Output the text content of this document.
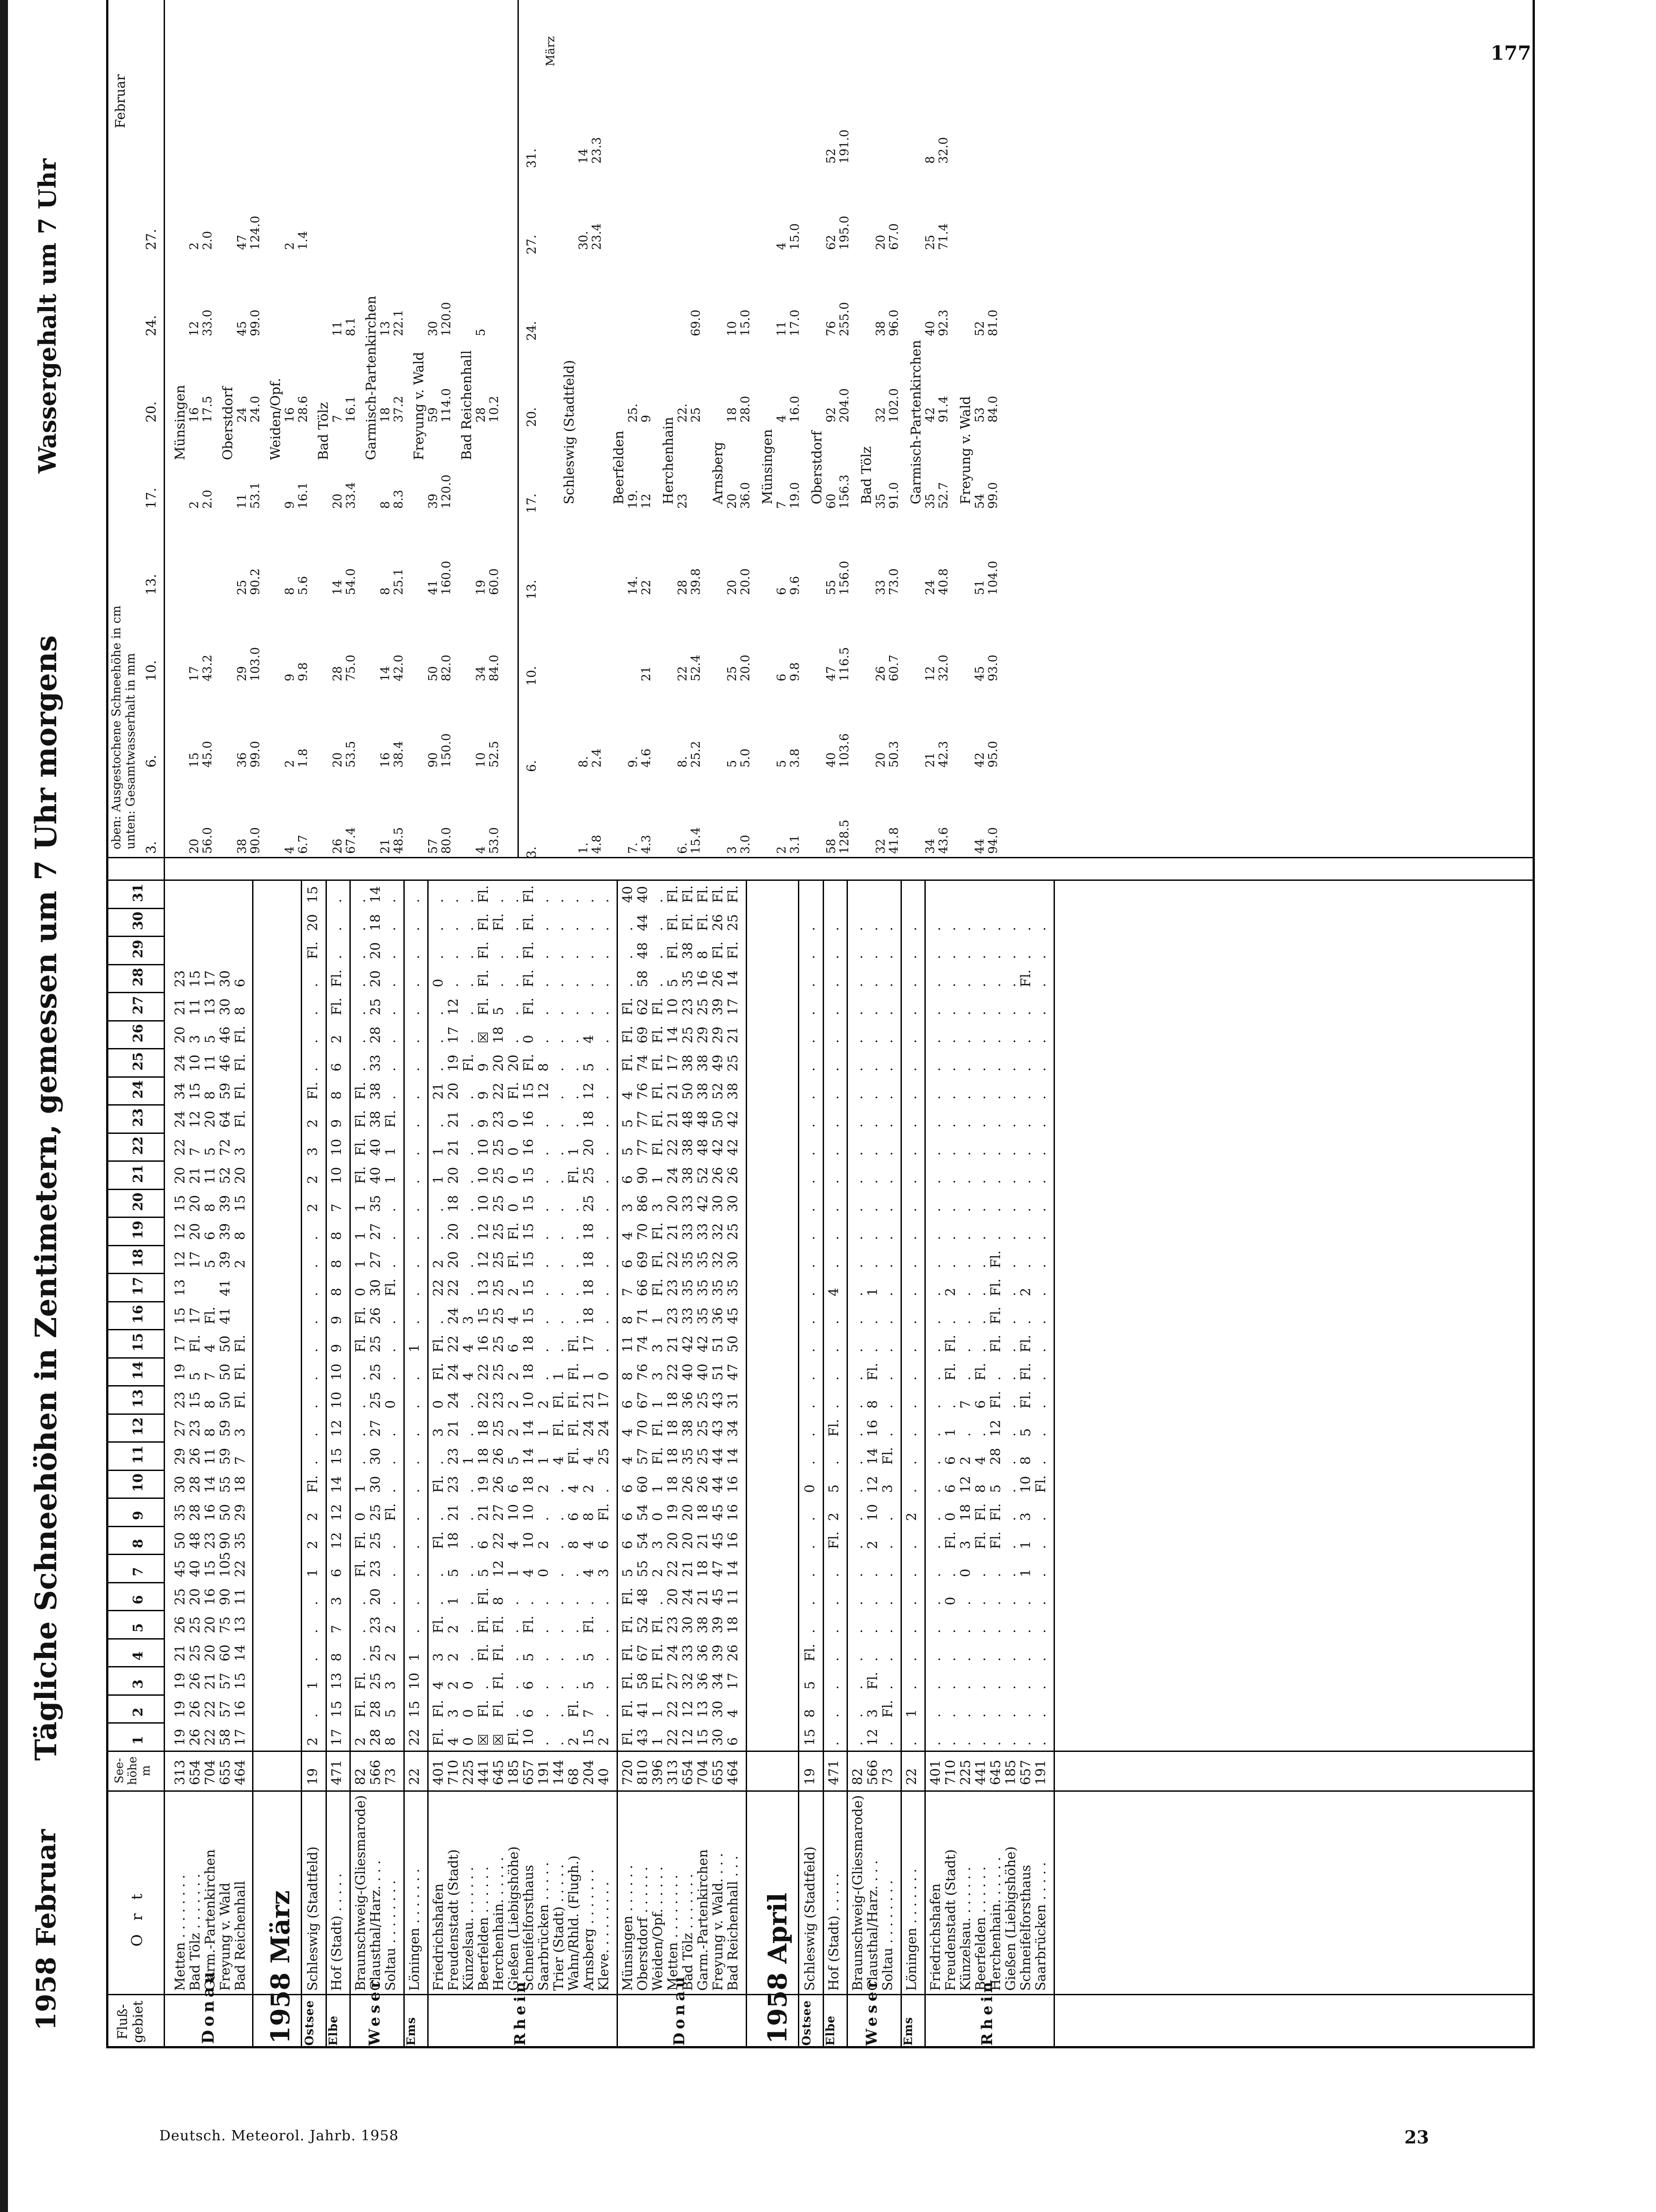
177
1958
Februar
Tägliche Schneehöhen in Zentimetern, gemessen um 7 Uhr morgens
Wassergehalt um 7 Uhr
Fluß-gebiet
O r t
See-höhe m
1
2
3
4
5
6
7
8
9
10
11
12
13
14
15
16
17
18
19
20
21
22
23
24
25
26
27
28
29
30
31
oben: Ausgestochene Schneehöhe in cm unten: Gesamtwasserhalt in mm 3.
6.
10.
13.
17.
20.
24.
27.
Februar
Metten . . . . . . . .
313
19
19
19
21
26
25
45
50
35
30
29
27
23
19
17
15
13
12
12
15
20
22
24
34
24
20
21
23
Bad Tölz . . . . . . .
654
26
26
26
25
25
20
40
48
28
28
26
23
15
5
Fl.
17
17
20
20
21
7
12
15
10
3
11
15
Garm.-Partenkirchen
704
22
22
21
20
20
16
15
23
16
14
11
8
8
7
4
Fl.
5
6
8
11
5
20
8
11
5
13
17
Freyung v. Wald
655
58
57
57
60
75
90
105
90
50
55
59
59
50
50
50
41
41
39
39
39
52
72
64
59
46
46
30
30
Bad Reichenhall
464
17
16
15
14
13
11
22
35
29
18
7
3
Fl.
Fl.
Fl.
2
8
15
20
3
Fl.
Fl.
Fl.
Fl.
8
6
Donau
Münsingen
20
15
17
2
16
12
2
56.0
45.0
43.2
2.0
17.5
33.0
2.0
Oberstdorf
38
36
29
25
11
24
45
47
90.0
99.0
103.0
90.2
53.1
24.0
99.0
124.0
Weiden/Opf.
4
2
9
8
9
16
2
6.7
1.8
9.8
5.6
16.1
28.6
1.4
Bad Tölz
26
20
28
14
20
7
11
67.4
53.5
75.0
54.0
33.4
16.1
8.1 Garmisch-Partenkirchen
21
16
14
8
8
18
13
48.5
38.4
42.0
25.1
8.3
37.2
22.1
Freyung v. Wald
57
90
50
41
39
59
30
80.0
150.0
82.0
160.0
120.0
114.0
120.0
Bad Reichenhall
4
10
34
19
28
5
53.0
52.5
84.0
60.0
10.2
3.
6.
10.
13.
17.
20.
24.
27.
31.
März
1958 März Schleswig (Stadtfeld)
19
2
.
1
.
.
.
1
2
2
Fl.
.
.
.
.
.
.
.
.
.
2
2
3
2
Fl.
.
.
.
.
Fl.
20
15
Ostsee
Hof (Stadt) . . . . .
471
17
15
13
8
7
3
6
12
12
14
15
12
10
10
9
9
8
8
8
7
10
10
9
8
6
2
Fl.
Fl.
.
.
.
Elbe
Braunschweig-(Gliesmarode)
82
2
Fl.
Fl.
.
.
.
Fl.
Fl.
0
1
.
.
.
.
Fl.
Fl.
0
1
1
1
Fl.
Fl.
Fl.
Fl.
.
.
.
.
.
.
.
Clausthal/Harz. . . .
566
28
28
25
25
23
20
23
25
25
30
30
27
25
25
25
26
30
27
27
35
40
40
38
38
33
28
25
20
20
18
14
Soltau . . . . . . . .
73
8
5
3
2
2
.
.
.
Fl.
.
.
.
0
.
.
.
Fl.
.
.
.
1
1
Fl.
.
.
.
.
.
.
.
.
Weser
Löningen . . . . . . .
22
22
15
10
1
.
.
.
.
.
.
.
.
.
.
1
.
.
.
.
.
.
.
.
.
.
.
.
.
.
.
.
Ems
Friedrichshafen
401
Fl.
Fl.
4
3
Fl.
.
.
Fl.
.
Fl.
.
3
0
Fl.
Fl.
.
22
2
.
.
1
1
.
21
.
.
.
0
.
.
.
Freudenstadt (Stadt)
710
4
3
2
2
2
1
5
18
21
23
23
21
24
24
22
24
22
20
20
18
20
21
21
20
19
17
12
.
.
.
.
Künzelsau. . . . . . .
225
0
0
0
.
.
.
.
.
.
.
1
.
.
4
4
3
.
.
.
.
.
.
.
.
Fl.
.
.
.
.
.
.
Beerfelden . . . . . .
441
☒
Fl.
.
Fl.
Fl.
Fl.
5
6
21
19
18
18
22
22
16
15
13
12
12
10
10
10
9
9
9
☒
Fl.
Fl.
Fl.
Fl.
Fl.
Herchenhain. . . . . .
645
☒
Fl.
Fl.
Fl.
Fl.
8
12
22
27
26
26
25
23
25
25
25
25
25
25
25
25
25
23
22
20
18
5
.
.
Fl.
.
Gießen (Liebigshöhe)
185
Fl.
.
.
.
.
.
1
4
10
6
5
2
2
2
6
4
2
Fl.
Fl.
0
0
0
0
Fl.
20
.
.
.
.
.
.
Schneifelforsthaus
657
10
6
6
5
Fl.
.
4
10
10
18
14
14
10
18
18
15
15
15
15
15
15
16
16
15
Fl.
0
Fl.
Fl.
Fl.
Fl.
Fl.
Saarbrücken . . . . .
191
.
.
.
.
.
.
0
2
.
2
1
1
2
.
.
.
.
.
.
.
.
.
.
12
8
.
.
.
.
.
.
Trier (Stadt) . . . . .
144
.
.
.
.
.
.
.
.
.
.
4
Fl.
Fl.
1
.
.
.
.
.
.
.
.
.
.
.
.
.
.
.
.
.
Wahn/Rhld. (Flugh.)
68
2
Fl.
.
.
.
.
.
8
6
4
Fl.
Fl.
Fl.
Fl.
Fl.
.
.
.
.
.
Fl.
1
.
.
.
.
.
.
.
.
.
Arnsberg . . . . . . .
204
15
7
5
5
Fl.
.
4
4
8
2
4
24
21
1
17
18
18
18
18
25
25
20
18
12
5
4
.
.
.
.
.
Kleve. . . . . . . . .
40
2
.
.
.
.
.
3
6
Fl.
.
25
24
17
0
.
.
.
.
.
.
.
.
.
.
.
.
.
.
.
.
.
Rhein
Münsingen . . . . . .
720
Fl.
Fl.
Fl.
Fl.
Fl.
Fl.
5
6
6
6
4
4
6
8
11
8
7
6
4
3
6
5
5
4
Fl.
Fl.
Fl.
.
.
.
40
Oberstdorf . . . . . .
810
43
41
58
67
52
48
55
54
54
60
57
70
67
76
74
71
66
69
70
86
90
77
77
76
74
69
62
58
48
44
40
Weiden/Opf. . . . . .
396
1
1
Fl.
Fl.
Fl.
.
2
3
0
1
Fl.
Fl.
1
3
3
1
Fl.
Fl.
Fl.
3
1
Fl.
Fl.
Fl.
Fl.
Fl.
Fl.
.
.
.
.
Metten . . . . . . . .
313
22
22
27
24
23
20
22
20
19
18
18
18
18
22
21
23
23
22
21
20
24
22
21
21
17
14
10
5
Fl.
Fl.
Fl.
Bad Tölz . . . . . . .
654
12
12
32
33
30
24
21
20
20
26
35
38
36
40
42
33
35
35
33
33
38
38
48
50
38
25
23
35
38
Fl.
Fl.
Garm.-Partenkirchen
704
15
13
36
36
38
21
18
21
18
26
25
25
25
40
42
35
35
35
33
42
52
48
48
38
38
29
25
16
8
Fl.
Fl.
Freyung v. Wald. . . .
655
30
30
34
39
39
45
47
45
45
44
44
43
43
51
51
36
35
32
32
30
26
42
50
52
49
29
39
26
Fl.
26
Fl.
Bad Reichenhall . . .
464
6
4
17
26
18
11
14
16
16
16
14
34
31
47
50
45
35
30
25
30
26
42
42
38
25
21
17
14
Fl.
25
Fl.
Donau
Schleswig (Stadtfeld)
1.
8.
30.
14
4.8
2.4
23.4
23.3
Beerfelden
7.
9.
14.
19.
25.
4.3
4.6
21
22
12
9 Herchenhain
6.
8.
22
28
23
22.
15.4
25.2
52.4
39.8
25
69.0
Arnsberg
3
5
25
20
20
18
10
3.0
5.0
20.0
20.0
36.0
28.0
15.0
Münsingen
2
5
6
6
7
4
11
4
3.1
3.8
9.8
9.6
19.0
16.0
17.0
15.0
Oberstdorf
58
40
47
55
60
92
76
62
52
128.5
103.6
116.5
156.0
156.3
204.0
255.0
195.0
191.0
Bad Tölz
32
20
26
33
35
32
38
20
41.8
50.3
60.7
73.0
91.0
102.0
96.0
67.0
Garmisch-Partenkirchen
34
21
12
24
35
42
40
25
8
43.6
42.3
32.0
40.8
52.7
91.4
92.3
71.4
32.0
Freyung v. Wald
44
42
45
51
54
53
52
94.0
95.0
93.0
104.0
99.0
84.0
81.0
1958 April Schleswig (Stadtfeld)
19
15
8
5
Fl.
.
.
.
.
.
0
.
.
.
.
.
.
.
.
.
.
.
.
.
.
.
.
.
.
.
.
Ostsee
Hof (Stadt) . . . . .
471
.
.
.
.
.
.
.
Fl.
2
5
.
Fl.
.
.
.
.
4
.
.
.
.
.
.
.
.
.
.
.
.
.
Elbe
Braunschweig-(Gliesmarode)
82
.
.
.
.
.
.
.
.
.
.
.
.
.
.
.
.
.
.
.
.
.
.
.
.
.
.
.
.
.
.
Clausthal/Harz. . . .
566
12
3
Fl.
.
.
.
.
2
10
12
14
16
8
Fl.
.
.
1
.
.
.
.
.
.
.
.
.
.
.
.
.
Soltau . . . . . . . .
73
.
Fl.
.
.
.
.
.
.
.
3
Fl.
.
.
.
.
.
.
.
.
.
.
.
.
.
.
.
.
.
.
.
Weser
Löningen . . . . . . .
22
.
1
.
.
.
.
.
.
2
.
.
.
.
.
.
.
.
.
.
.
.
.
.
.
.
.
.
.
.
.
Ems
Friedrichshafen
401
.
.
.
.
.
.
.
.
.
.
.
.
.
.
.
.
.
.
.
.
.
.
.
.
.
.
.
.
.
.
Freudenstadt (Stadt)
710
.
.
.
.
.
0
.
Fl.
0
6
6
1
.
Fl.
Fl.
.
2
.
.
.
.
.
.
.
.
.
.
.
.
.
Künzelsau. . . . . . .
225
.
.
.
.
.
.
0
3
18
12
2
.
7
.
.
.
.
.
.
.
.
.
.
.
.
.
.
.
.
.
Beerfelden . . . . . .
441
.
.
.
.
.
.
.
Fl.
Fl.
8
4
.
6
Fl.
.
.
.
.
.
.
.
.
.
.
.
.
.
.
.
.
Herchenhain. . . . . .
645
.
.
.
.
.
.
.
Fl.
Fl.
5
28
12
Fl.
.
Fl.
Fl.
Fl.
Fl.
.
.
.
.
.
.
.
.
.
.
.
.
Gießen (Liebigshöhe)
185
.
.
.
.
.
.
.
.
.
.
.
.
.
.
.
.
.
.
.
.
.
.
.
.
.
.
.
.
.
.
Schneifelforsthaus
657
.
.
.
.
.
.
1
1
3
10
8
5
Fl.
Fl.
Fl.
.
2
.
.
.
.
.
.
.
.
.
.
Fl.
.
.
Saarbrücken . . . . .
191
.
.
.
.
.
.
.
.
.
Fl.
.
.
.
.
.
.
.
.
.
.
.
.
.
.
.
.
.
.
.
.
Rhein
Deutsch. Meteorol. Jahrb. 1958	23
